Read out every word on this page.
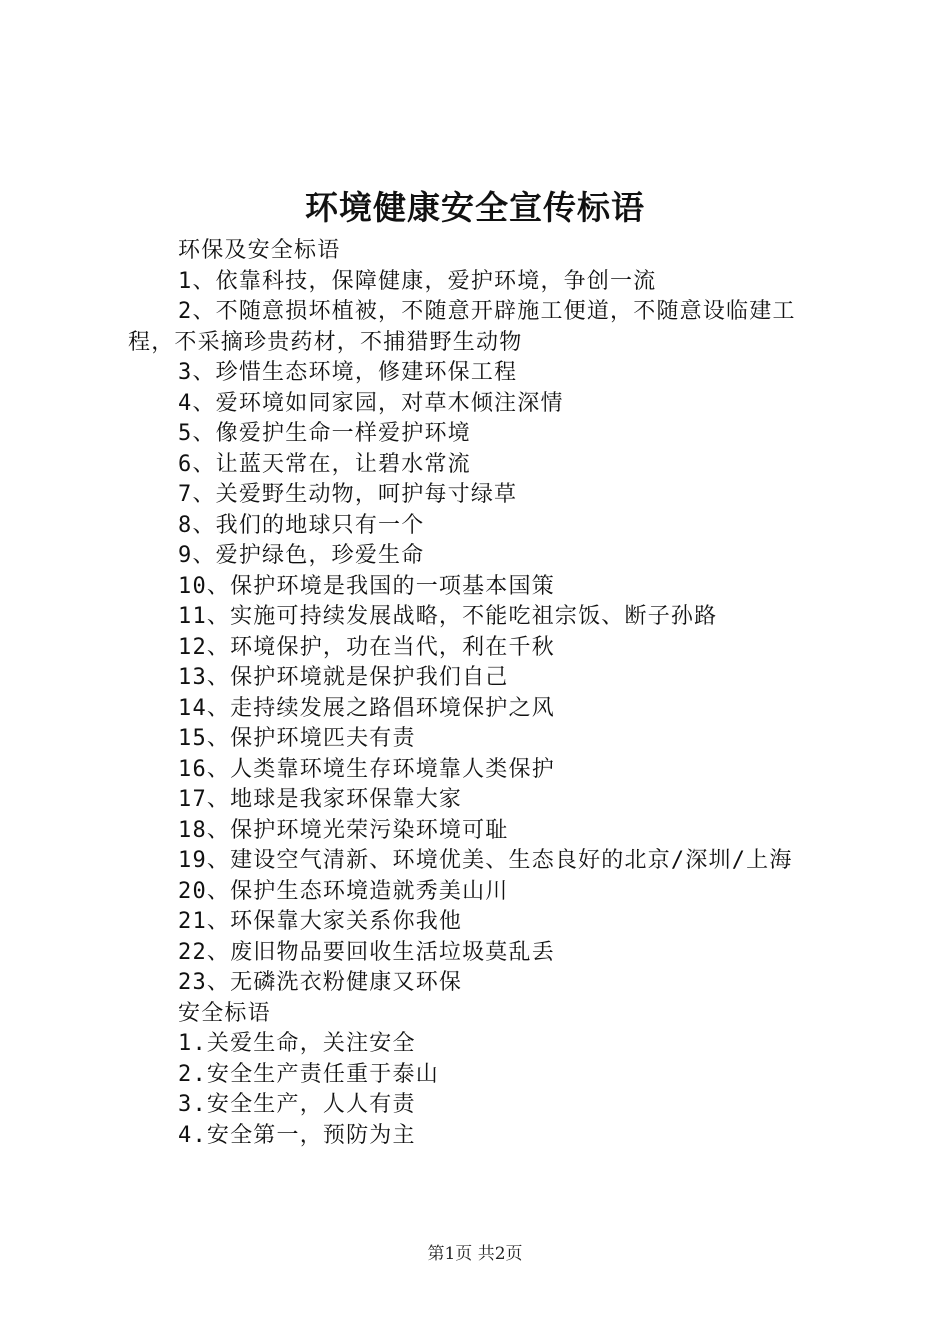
环境健康安全宣传标语

环保及安全标语

1、依靠科技，保障健康，爱护环境，争创一流

2、不随意损坏植被，不随意开辟施工便道，不随意设临建工程，不采摘珍贵药材，不捕猎野生动物

3、珍惜生态环境，修建环保工程

4、爱环境如同家园，对草木倾注深情

5、像爱护生命一样爱护环境

6、让蓝天常在，让碧水常流

7、关爱野生动物，呵护每寸绿草

8、我们的地球只有一个

9、爱护绿色，珍爱生命

10、保护环境是我国的一项基本国策

11、实施可持续发展战略，不能吃祖宗饭、断子孙路

12、环境保护，功在当代，利在千秋

13、保护环境就是保护我们自己

14、走持续发展之路倡环境保护之风

15、保护环境匹夫有责

16、人类靠环境生存环境靠人类保护

17、地球是我家环保靠大家

18、保护环境光荣污染环境可耻

19、建设空气清新、环境优美、生态良好的北京/深圳/上海

20、保护生态环境造就秀美山川

21、环保靠大家关系你我他

22、废旧物品要回收生活垃圾莫乱丢

23、无磷洗衣粉健康又环保

安全标语

1.关爱生命，关注安全

2.安全生产责任重于泰山

3.安全生产，人人有责

4.安全第一，预防为主

第1页 共2页
